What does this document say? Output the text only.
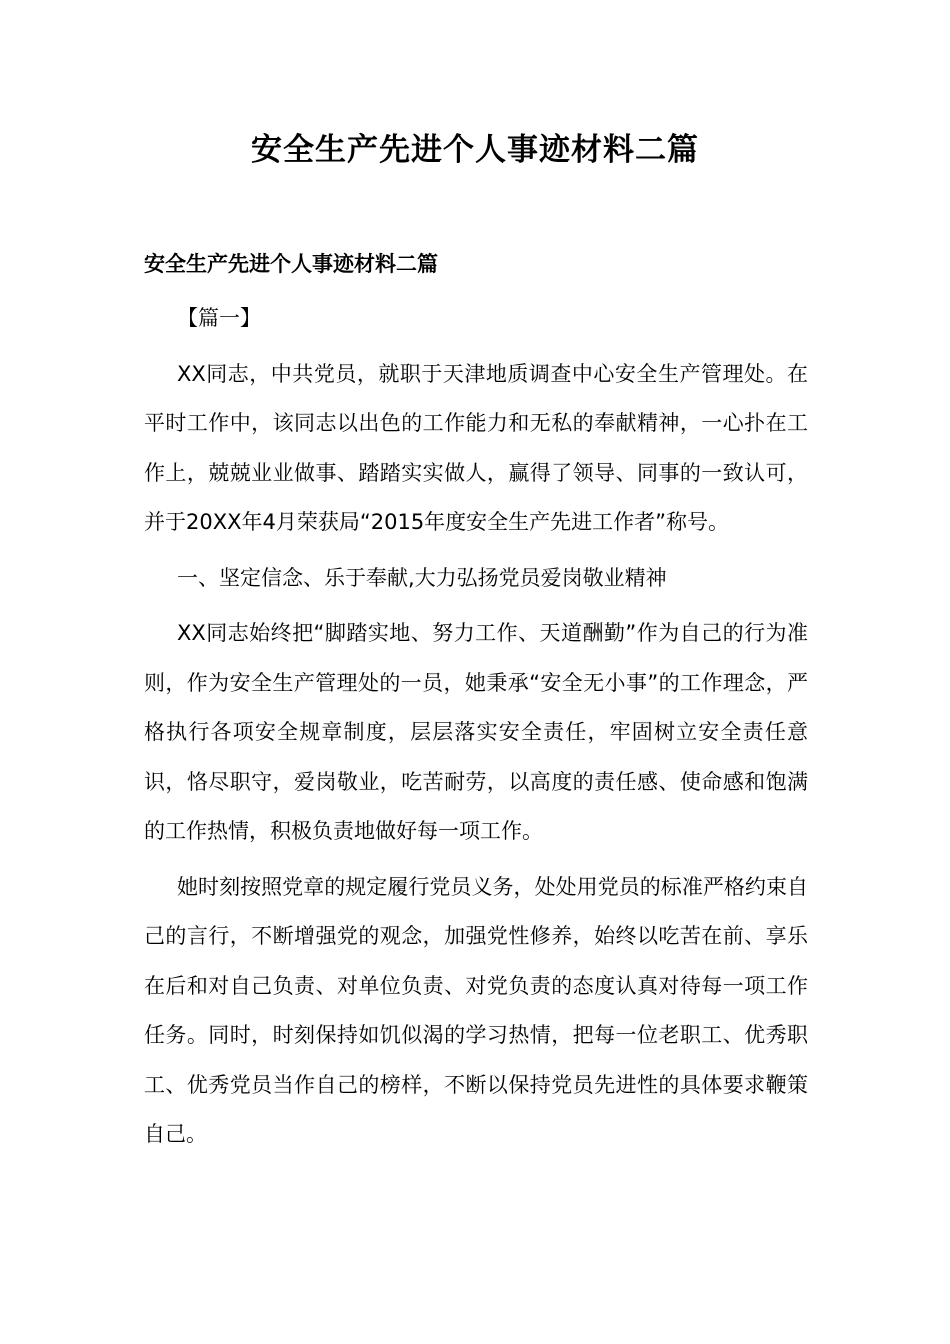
安全生产先进个人事迹材料二篇

安全生产先进个人事迹材料二篇

【篇一】

XX同志，中共党员，就职于天津地质调查中心安全生产管理处。在平时工作中，该同志以出色的工作能力和无私的奉献精神，一心扑在工作上，兢兢业业做事、踏踏实实做人，赢得了领导、同事的一致认可，并于20XX年4月荣获局“2015年度安全生产先进工作者”称号。

一、坚定信念、乐于奉献,大力弘扬党员爱岗敬业精神

XX同志始终把“脚踏实地、努力工作、天道酬勤”作为自己的行为准则，作为安全生产管理处的一员，她秉承“安全无小事”的工作理念，严格执行各项安全规章制度，层层落实安全责任，牢固树立安全责任意识，恪尽职守，爱岗敬业，吃苦耐劳，以高度的责任感、使命感和饱满的工作热情，积极负责地做好每一项工作。

她时刻按照党章的规定履行党员义务，处处用党员的标准严格约束自己的言行，不断增强党的观念，加强党性修养，始终以吃苦在前、享乐在后和对自己负责、对单位负责、对党负责的态度认真对待每一项工作任务。同时，时刻保持如饥似渴的学习热情，把每一位老职工、优秀职工、优秀党员当作自己的榜样，不断以保持党员先进性的具体要求鞭策自己。
